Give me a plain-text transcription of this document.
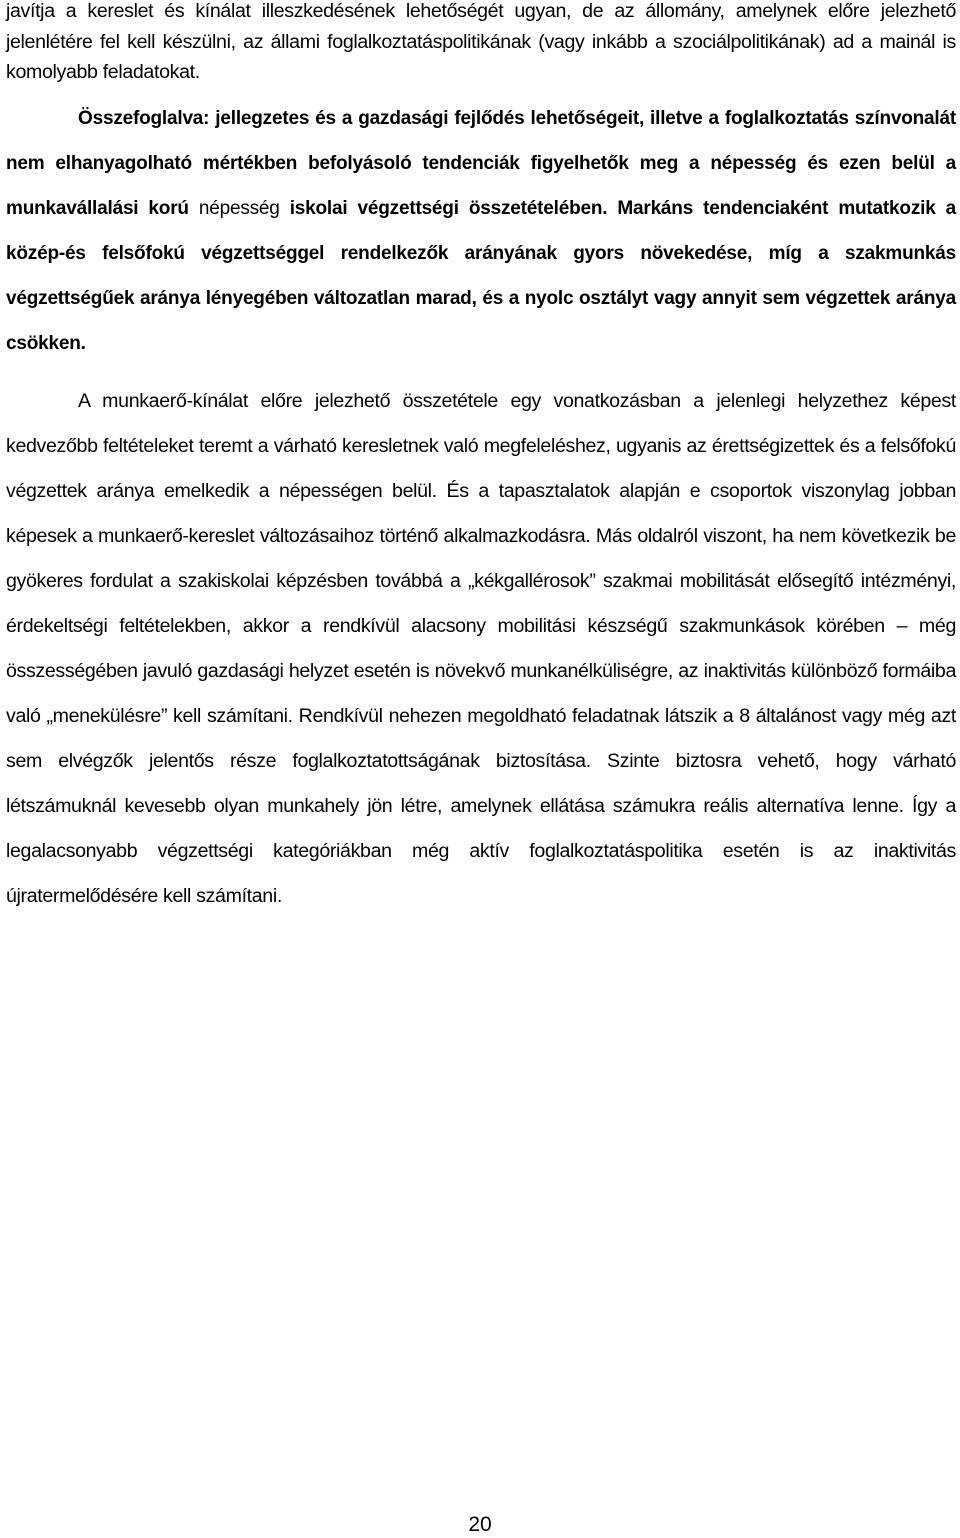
javítja a kereslet és kínálat illeszkedésének lehetőségét ugyan, de az állomány, amelynek előre jelezhető jelenlétére fel kell készülni, az állami foglalkoztatáspolitikának (vagy inkább a szociálpolitikának) ad a mainál is komolyabb feladatokat.

Összefoglalva: jellegzetes és a gazdasági fejlődés lehetőségeit, illetve a foglalkoztatás színvonalát nem elhanyagolható mértékben befolyásoló tendenciák figyelhetők meg a népesség és ezen belül a munkavállalási korú népesség iskolai végzettségi összetételében. Markáns tendenciaként mutatkozik a közép-és felsőfokú végzettséggel rendelkezők arányának gyors növekedése, míg a szakmunkás végzettségűek aránya lényegében változatlan marad, és a nyolc osztályt vagy annyit sem végzettek aránya csökken.

A munkaerő-kínálat előre jelezhető összetétele egy vonatkozásban a jelenlegi helyzethez képest kedvezőbb feltételeket teremt a várható keresletnek való megfeleléshez, ugyanis az érettségizettek és a felsőfokú végzettek aránya emelkedik a népességen belül. És a tapasztalatok alapján e csoportok viszonylag jobban képesek a munkaerő-kereslet változásaihoz történő alkalmazkodásra. Más oldalról viszont, ha nem következik be gyökeres fordulat a szakiskolai képzésben továbbá a „kékgallérosok” szakmai mobilitását elősegítő intézményi, érdekeltségi feltételekben, akkor a rendkívül alacsony mobilitási készségű szakmunkások körében – még összességében javuló gazdasági helyzet esetén is növekvő munkanélküliségre, az inaktivitás különböző formáiba való „menekülésre” kell számítani. Rendkívül nehezen megoldható feladatnak látszik a 8 általánost vagy még azt sem elvégzők jelentős része foglalkoztatottságának biztosítása. Szinte biztosra vehető, hogy várható létszámuknál kevesebb olyan munkahely jön létre, amelynek ellátása számukra reális alternatíva lenne. Így a legalacsonyabb végzettségi kategóriákban még aktív foglalkoztatáspolitika esetén is az inaktivitás újratermelődésére kell számítani.

20
